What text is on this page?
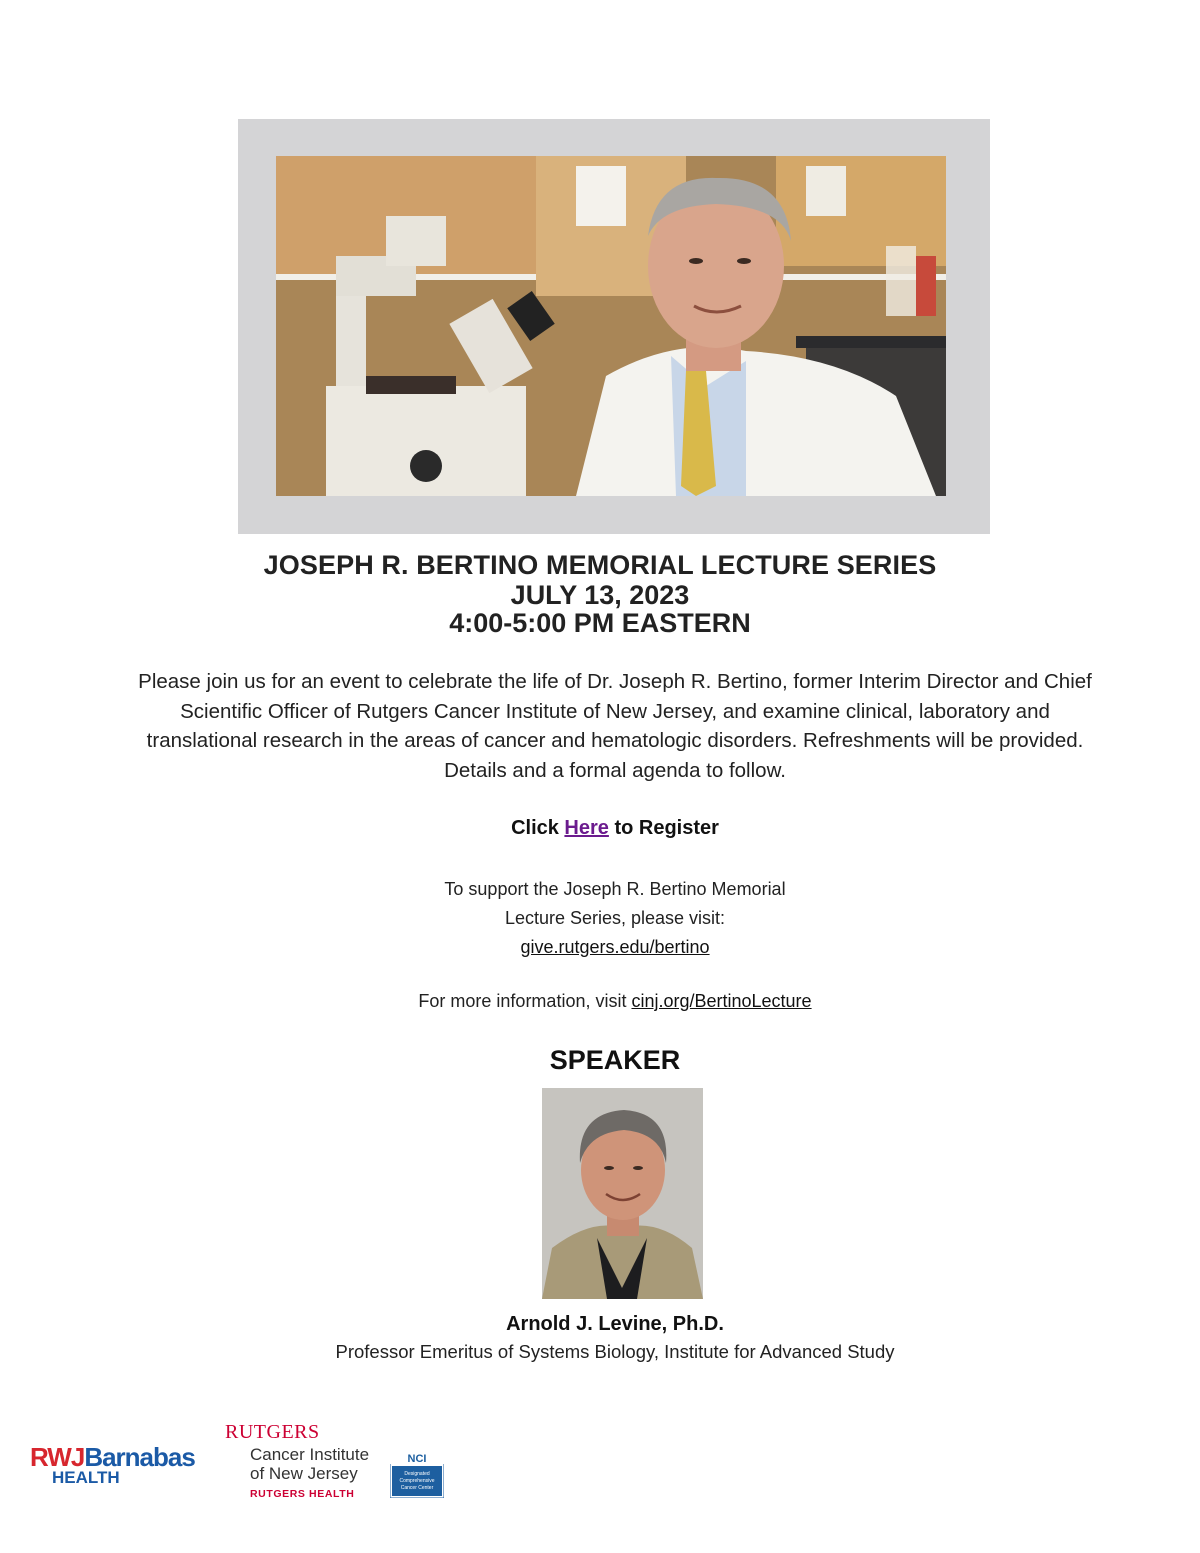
JOSEPH R. BERTINO MEMORIAL LECTURE SERIES
JULY 13, 2023
4:00-5:00 PM EASTERN
Please join us for an event to celebrate the life of Dr. Joseph R. Bertino, former Interim Director and Chief
Scientific Officer of Rutgers Cancer Institute of New Jersey, and examine clinical, laboratory and
translational research in the areas of cancer and hematologic disorders. Refreshments will be provided.
Details and a formal agenda to follow.
Click Here to Register
To support the Joseph R. Bertino Memorial
Lecture Series, please visit:
give.rutgers.edu/bertino
For more information, visit cinj.org/BertinoLecture
SPEAKER
Arnold J. Levine, Ph.D.
Professor Emeritus of Systems Biology, Institute for Advanced Study
RWJBarnabas
HEALTH
RUTGERS
Cancer Institute
of New Jersey
RUTGERS HEALTH
NCI
Designated
Comprehensive
Cancer Center
